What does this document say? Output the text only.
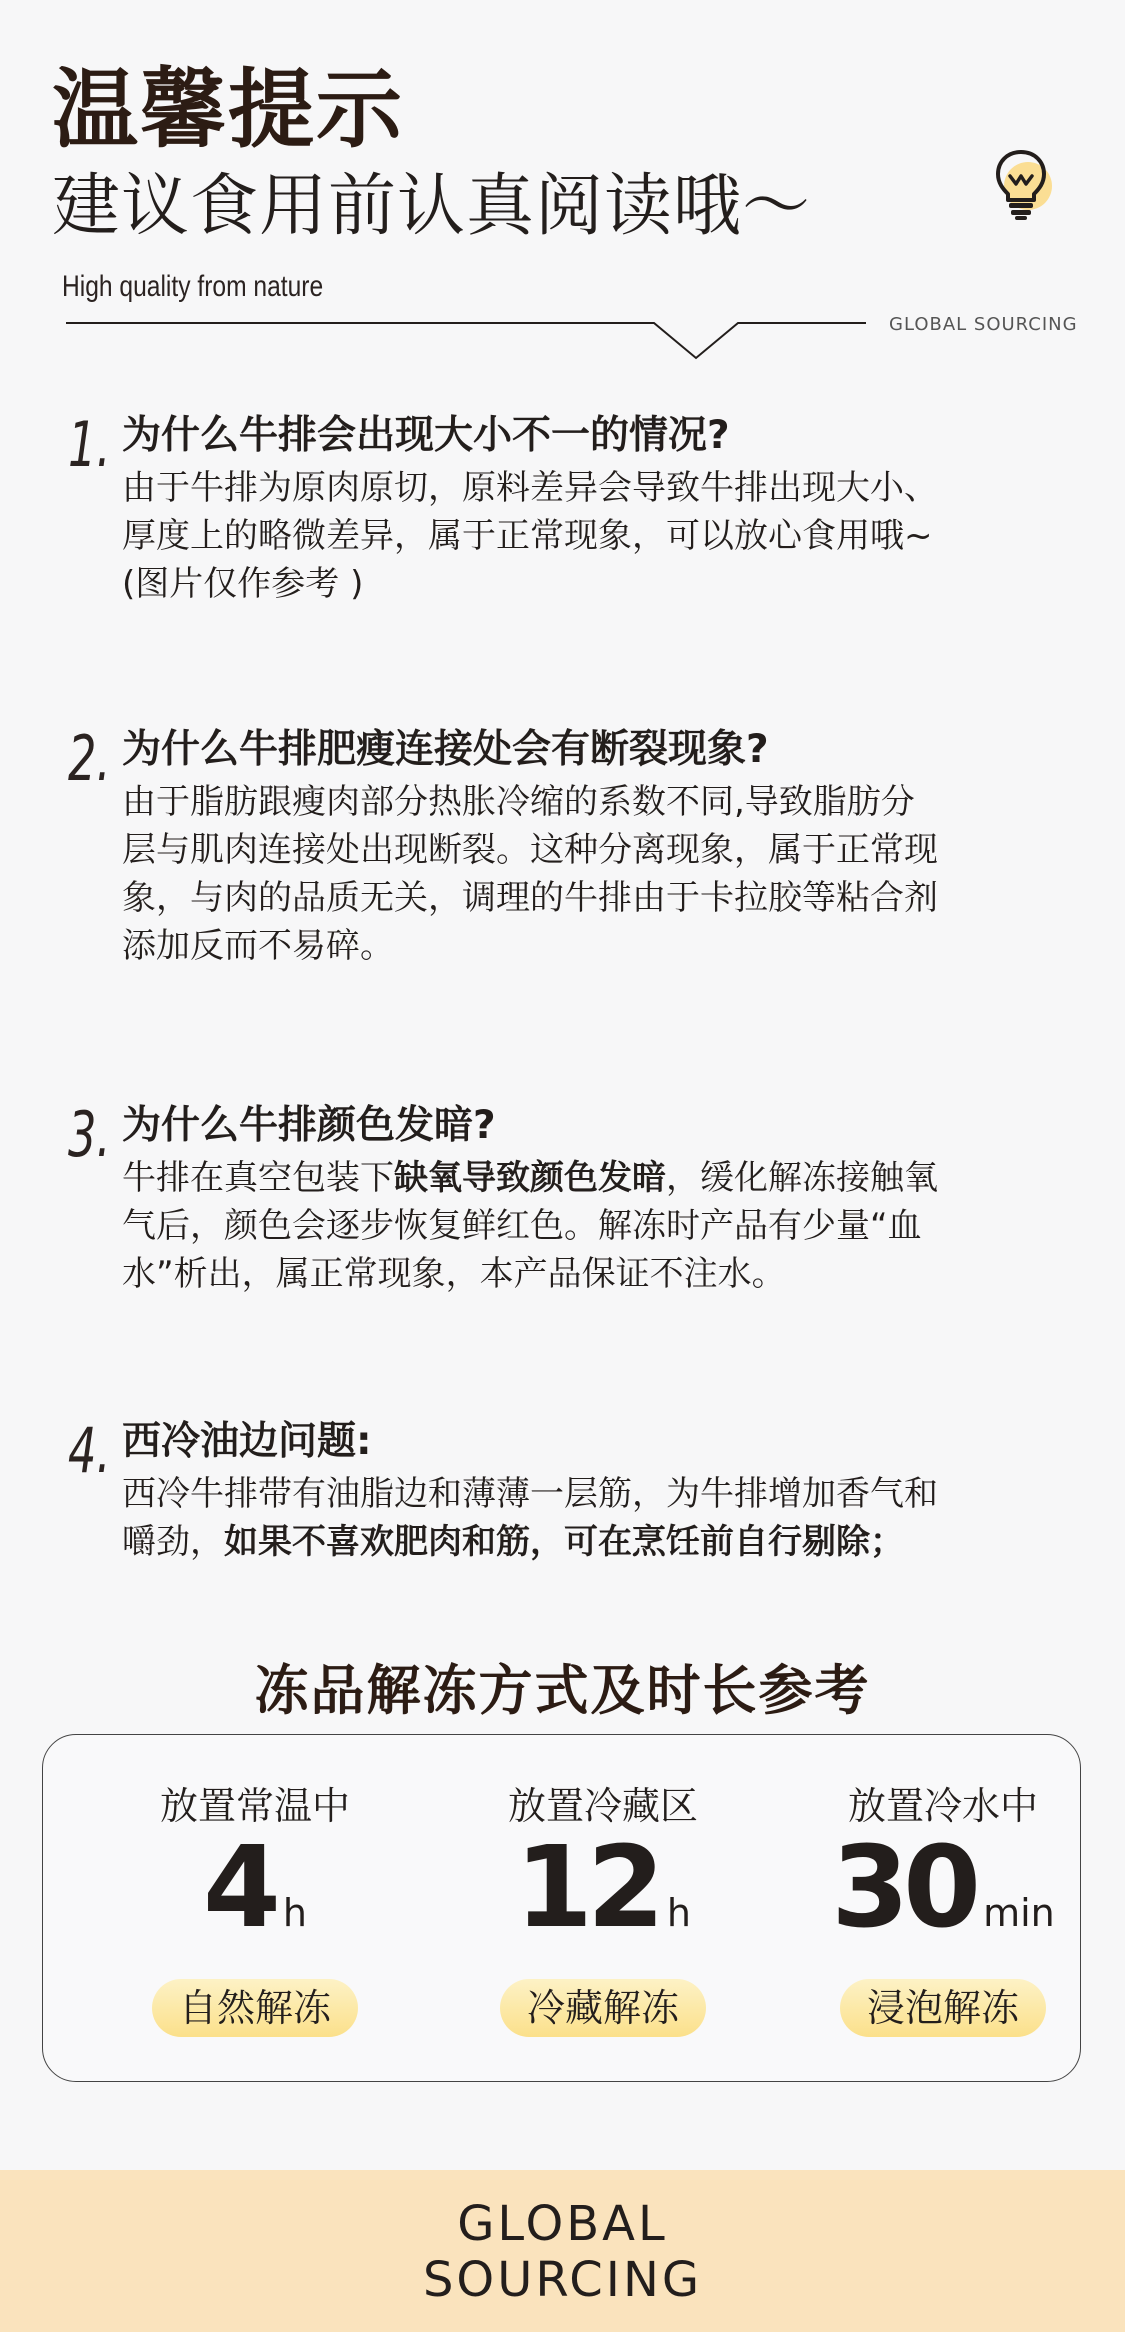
温馨提示
建议食用前认真阅读哦～
High quality from nature
GLOBAL SOURCING
1. 为什么牛排会出现大小不一的情况?
由于牛排为原肉原切，原料差异会导致牛排出现大小、
厚度上的略微差异，属于正常现象，可以放心食用哦~
(图片仅作参考 )
2. 为什么牛排肥瘦连接处会有断裂现象?
由于脂肪跟瘦肉部分热胀冷缩的系数不同,导致脂肪分
层与肌肉连接处出现断裂。这种分离现象，属于正常现
象，与肉的品质无关，调理的牛排由于卡拉胶等粘合剂
添加反而不易碎。
3. 为什么牛排颜色发暗?
牛排在真空包装下缺氧导致颜色发暗，缓化解冻接触氧
气后，颜色会逐步恢复鲜红色。解冻时产品有少量“血
水”析出，属正常现象，本产品保证不注水。
4. 西冷油边问题:
西冷牛排带有油脂边和薄薄一层筋，为牛排增加香气和
嚼劲，如果不喜欢肥肉和筋，可在烹饪前自行剔除；
冻品解冻方式及时长参考
放置常温中
4 h
自然解冻
放置冷藏区
12 h
冷藏解冻
放置冷水中
30 min
浸泡解冻
GLOBAL
SOURCING
